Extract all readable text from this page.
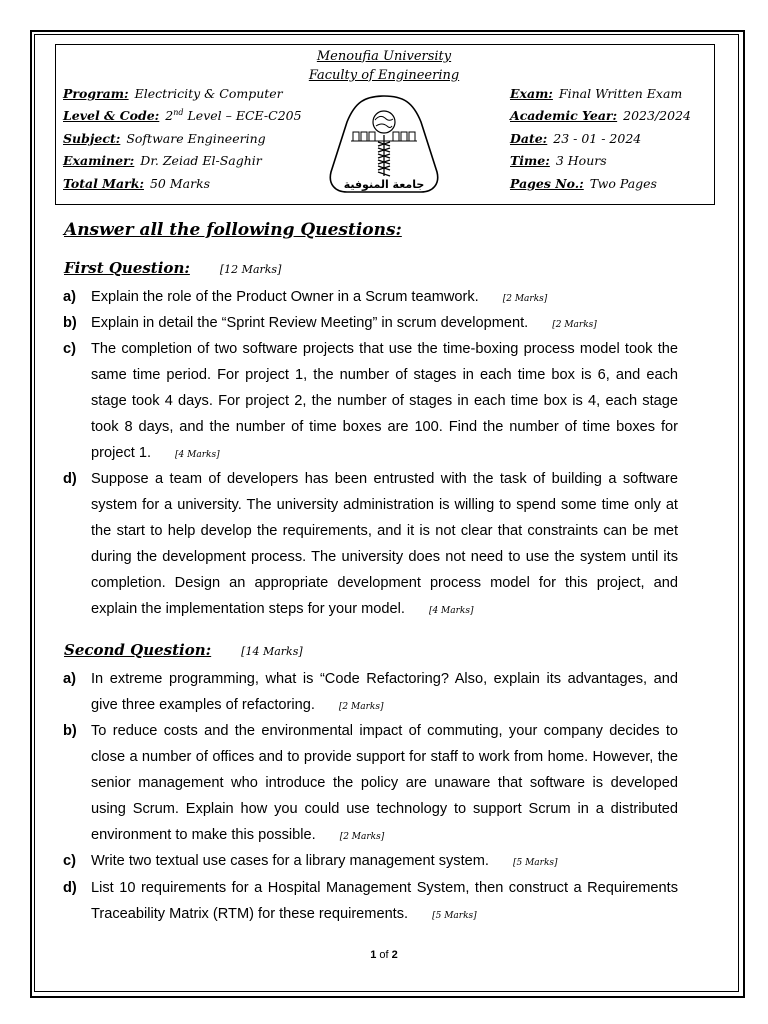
Menoufia University
Faculty of Engineering
Program: Electricity & Computer
Level & Code: 2nd Level – ECE-C205
Subject: Software Engineering
Examiner: Dr. Zeiad El-Saghir
Total Mark: 50 Marks
Exam: Final Written Exam
Academic Year: 2023/2024
Date: 23 - 01 - 2024
Time: 3 Hours
Pages No.: Two Pages
جامعة المنوفية
Answer all the following Questions:
First Question:	[12 Marks]
a) Explain the role of the Product Owner in a Scrum teamwork.	[2 Marks]
b) Explain in detail the “Sprint Review Meeting” in scrum development.	[2 Marks]
c) The completion of two software projects that use the time-boxing process model took the same time period. For project 1, the number of stages in each time box is 6, and each stage took 4 days. For project 2, the number of stages in each time box is 4, each stage took 8 days, and the number of time boxes are 100. Find the number of time boxes for project 1.	[4 Marks]
d) Suppose a team of developers has been entrusted with the task of building a software system for a university. The university administration is willing to spend some time only at the start to help develop the requirements, and it is not clear that constraints can be met during the development process. The university does not need to use the system until its completion. Design an appropriate development process model for this project, and explain the implementation steps for your model.	[4 Marks]
Second Question:	[14 Marks]
a) In extreme programming, what is “Code Refactoring? Also, explain its advantages, and give three examples of refactoring.	[2 Marks]
b) To reduce costs and the environmental impact of commuting, your company decides to close a number of offices and to provide support for staff to work from home. However, the senior management who introduce the policy are unaware that software is developed using Scrum. Explain how you could use technology to support Scrum in a distributed environment to make this possible.	[2 Marks]
c) Write two textual use cases for a library management system.	[5 Marks]
d) List 10 requirements for a Hospital Management System, then construct a Requirements Traceability Matrix (RTM) for these requirements.	[5 Marks]
1 of 2
